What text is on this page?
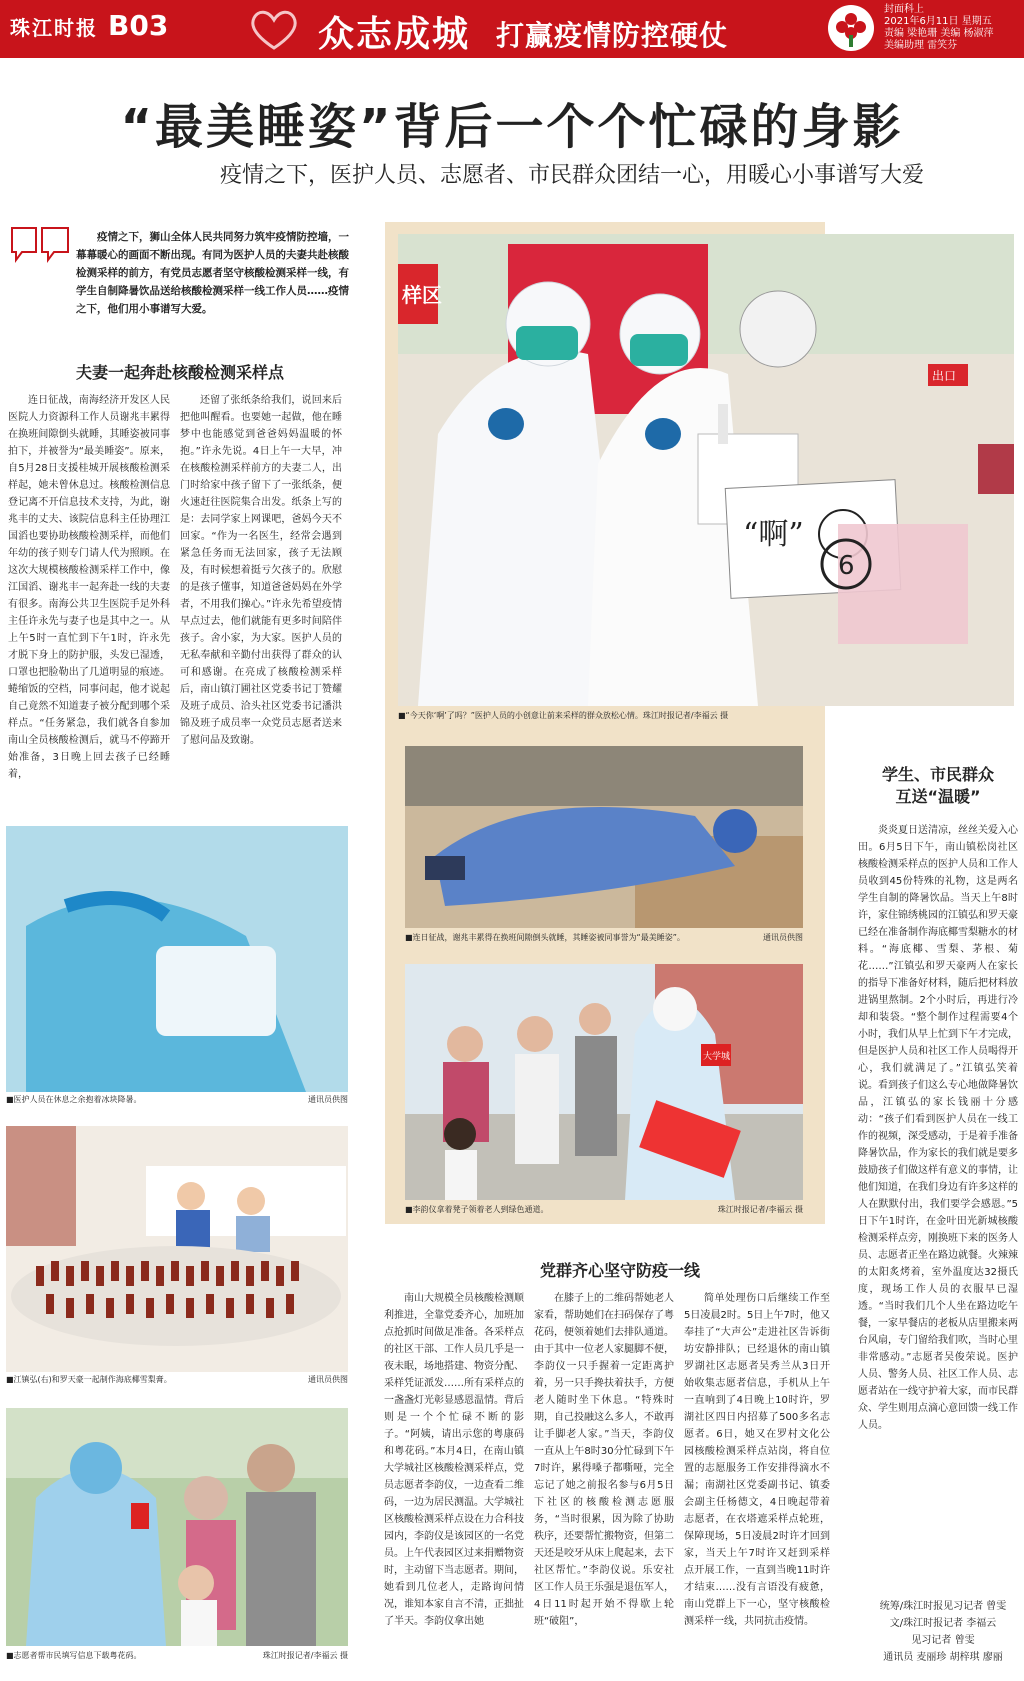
珠江时报 B03	众志成城 打赢疫情防控硬仗
封面科上
2021年6月11日 星期五
责编 梁艳珊 美编 杨淑萍
美编助理 雷笑芬
“最美睡姿”背后一个个忙碌的身影
疫情之下，医护人员、志愿者、市民群众团结一心，用暖心小事谱写大爱
疫情之下，狮山全体人民共同努力筑牢疫情防控墙，一幕幕暖心的画面不断出现。有同为医护人员的夫妻共赴核酸检测采样的前方，有党员志愿者坚守核酸检测采样一线，有学生自制降暑饮品送给核酸检测采样一线工作人员……疫情之下，他们用小事谱写大爱。
夫妻一起奔赴核酸检测采样点

连日征战，南海经济开发区人民医院人力资源科工作人员谢兆丰累得在换班间隙倒头就睡，其睡姿被同事拍下，并被誉为“最美睡姿”。原来，自5月28日支援桂城开展核酸检测采样起，她未曾休息过。核酸检测信息登记离不开信息技术支持，为此，谢兆丰的丈夫、该院信息科主任协理江国滔也要协助核酸检测采样，而他们年幼的孩子则专门请人代为照顾。在这次大规模核酸检测采样工作中，像江国滔、谢兆丰一起奔赴一线的夫妻有很多。南海公共卫生医院手足外科主任许永先与妻子也是其中之一。从上午5时一直忙到下午1时，许永先才脱下身上的防护服，头发已湿透，口罩也把脸勒出了几道明显的痕迹。蜷缩饭的空档，同事问起，他才说起自己竟然不知道妻子被分配到哪个采样点。“任务紧急，我们就各自参加南山全员核酸检测后，就马不停蹄开始准备，3日晚上回去孩子已经睡着，

还留了张纸条给我们，说回来后把他叫醒看。也要她一起做，他在睡梦中也能感觉到爸爸妈妈温暖的怀抱。”许永先说。4日上午一大早，冲在核酸检测采样前方的夫妻二人，出门时给家中孩子留下了一张纸条，便火速赶往医院集合出发。纸条上写的是：去同学家上网课吧，爸妈今天不回家。“作为一名医生，经常会遇到紧急任务而无法回家，孩子无法顾及，有时候想着挺亏欠孩子的。欣慰的是孩子懂事，知道爸爸妈妈在外学者，不用我们操心。”许永先希望疫情早点过去，他们就能有更多时间陪伴孩子。舍小家，为大家。医护人员的无私奉献和辛勤付出获得了群众的认可和感谢。在亮成了核酸检测采样后，南山镇汀圃社区党委书记丁赞耀及班子成员、洽头社区党委书记潘洪锦及班子成员率一众党员志愿者送来了慰问品及致谢。

■医护人员在休息之余抱着冰块降暑。	通讯员供图
■江镇弘(右)和罗天豪一起制作海底椰雪梨膏。	通讯员供图
■志愿者帮市民填写信息下载粤花码。	珠江时报记者/李福云 摄
样区
出口
“啊”
6
■“今天你‘啊’了吗？”医护人员的小创意让前来采样的群众放松心情。珠江时报记者/李福云 摄
■连日征战，谢兆丰累得在换班间隙倒头就睡，其睡姿被同事誉为“最美睡姿”。	通讯员供图
大学城
■李韵仪拿着凳子领着老人到绿色通道。	珠江时报记者/李福云 摄
党群齐心坚守防疫一线

南山大规模全员核酸检测顺利推进，全靠党委齐心，加班加点抢抓时间做足准备。各采样点的社区干部、工作人员几乎是一夜未眠，场地搭建、物资分配、采样凭证派发……所有采样点的一盏盏灯光彰显感恩温情。背后则是一个个忙碌不断的影子。“阿姨，请出示您的粤康码和粤花码。”本月4日，在南山镇大学城社区核酸检测采样点，党员志愿者李韵仪，一边查看二维码，一边为居民测温。大学城社区核酸检测采样点设在力合科技园内，李韵仪是该园区的一名党员。上午代表园区过来捐赠物资时，主动留下当志愿者。期间，她看到几位老人，走路询问情况，谁知本家自言不清，正拙扯了半天。李韵仪拿出她

在膝子上的二维码帮她老人家看，帮助她们在扫码保存了粤花码，便领着她们去排队通道。由于其中一位老人家腿脚不便，李韵仪一只手握着一定距离护着，另一只手搀扶着扶手，方便老人随时坐下休息。“特殊时期，自己投融这么多人，不敢再让手脚老人家。”当天，李韵仪一直从上午8时30分忙碌到下午7时许，累得嗓子都嘶哑，完全忘记了她之前报名参与6月5日下社区的核酸检测志愿服务，“当时很累，因为除了协助秩序，还要帮忙搬物资，但第二天还是咬牙从床上爬起来，去下社区帮忙。”李韵仪说。乐安社区工作人员王乐强是退伍军人，4日11时起开始不得歇上轮班“破阻”，

简单处理伤口后继续工作至5日凌晨2时。5日上午7时，他又奉挂了“大声公”走进社区告诉街坊安静排队；已经退休的南山镇罗湖社区志愿者吴秀兰从3日开始收集志愿者信息，手机从上午一直响到了4日晚上10时许，罗湖社区四日内招募了500多名志愿者。6日，她又在罗村文化公园核酸检测采样点站岗，将自位置的志愿服务工作安排得滴水不漏；南湖社区党委副书记、镇委会副主任杨德文，4日晚起带着志愿者，在衣塔遮采样点轮班，保障现场，5日凌晨2时许才回到家，当天上午7时许又赶到采样点开展工作，一直到当晚11时许才结束……没有言语没有疲惫，南山党群上下一心，坚守核酸检测采样一线，共同抗击疫情。

学生、市民群众
互送“温暖”

炎炎夏日送清凉，丝丝关爱入心田。6月5日下午，南山镇松岗社区核酸检测采样点的医护人员和工作人员收到45份特殊的礼物，这是两名学生自制的降暑饮品。当天上午8时许，家住锦绣桃园的江镇弘和罗天豪已经在准备制作海底椰雪梨糖水的材料。“海底椰、雪梨、茅根、菊花……”江镇弘和罗天豪两人在家长的指导下准备好材料，随后把材料放进锅里熬制。2个小时后，再进行冷却和装袋。“整个制作过程需要4个小时，我们从早上忙到下午才完成，但是医护人员和社区工作人员喝得开心，我们就满足了。”江镇弘笑着说。看到孩子们这么专心地做降暑饮品，江镇弘的家长钱丽十分感动：“孩子们看到医护人员在一线工作的视频，深受感动，于是着手准备降暑饮品，作为家长的我们就是要多鼓励孩子们做这样有意义的事情，让他们知道，在我们身边有许多这样的人在默默付出，我们要学会感恩。”5日下午1时许，在金叶田光新城核酸检测采样点旁，刚换班下来的医务人员、志愿者正坐在路边就餐。火辣辣的太阳炙烤着，室外温度达32摄氏度，现场工作人员的衣服早已湿透。“当时我们几个人坐在路边吃午餐，一家早餐店的老板从店里搬来两台风扇，专门留给我们吹，当时心里非常感动。”志愿者吴俊荣说。医护人员、警务人员、社区工作人员、志愿者站在一线守护着大家，而市民群众、学生则用点滴心意回馈一线工作人员。

统筹/珠江时报见习记者 曾雯
文/珠江时报记者 李福云
见习记者 曾雯
通讯员 麦丽珍 胡梓琪 廖丽
